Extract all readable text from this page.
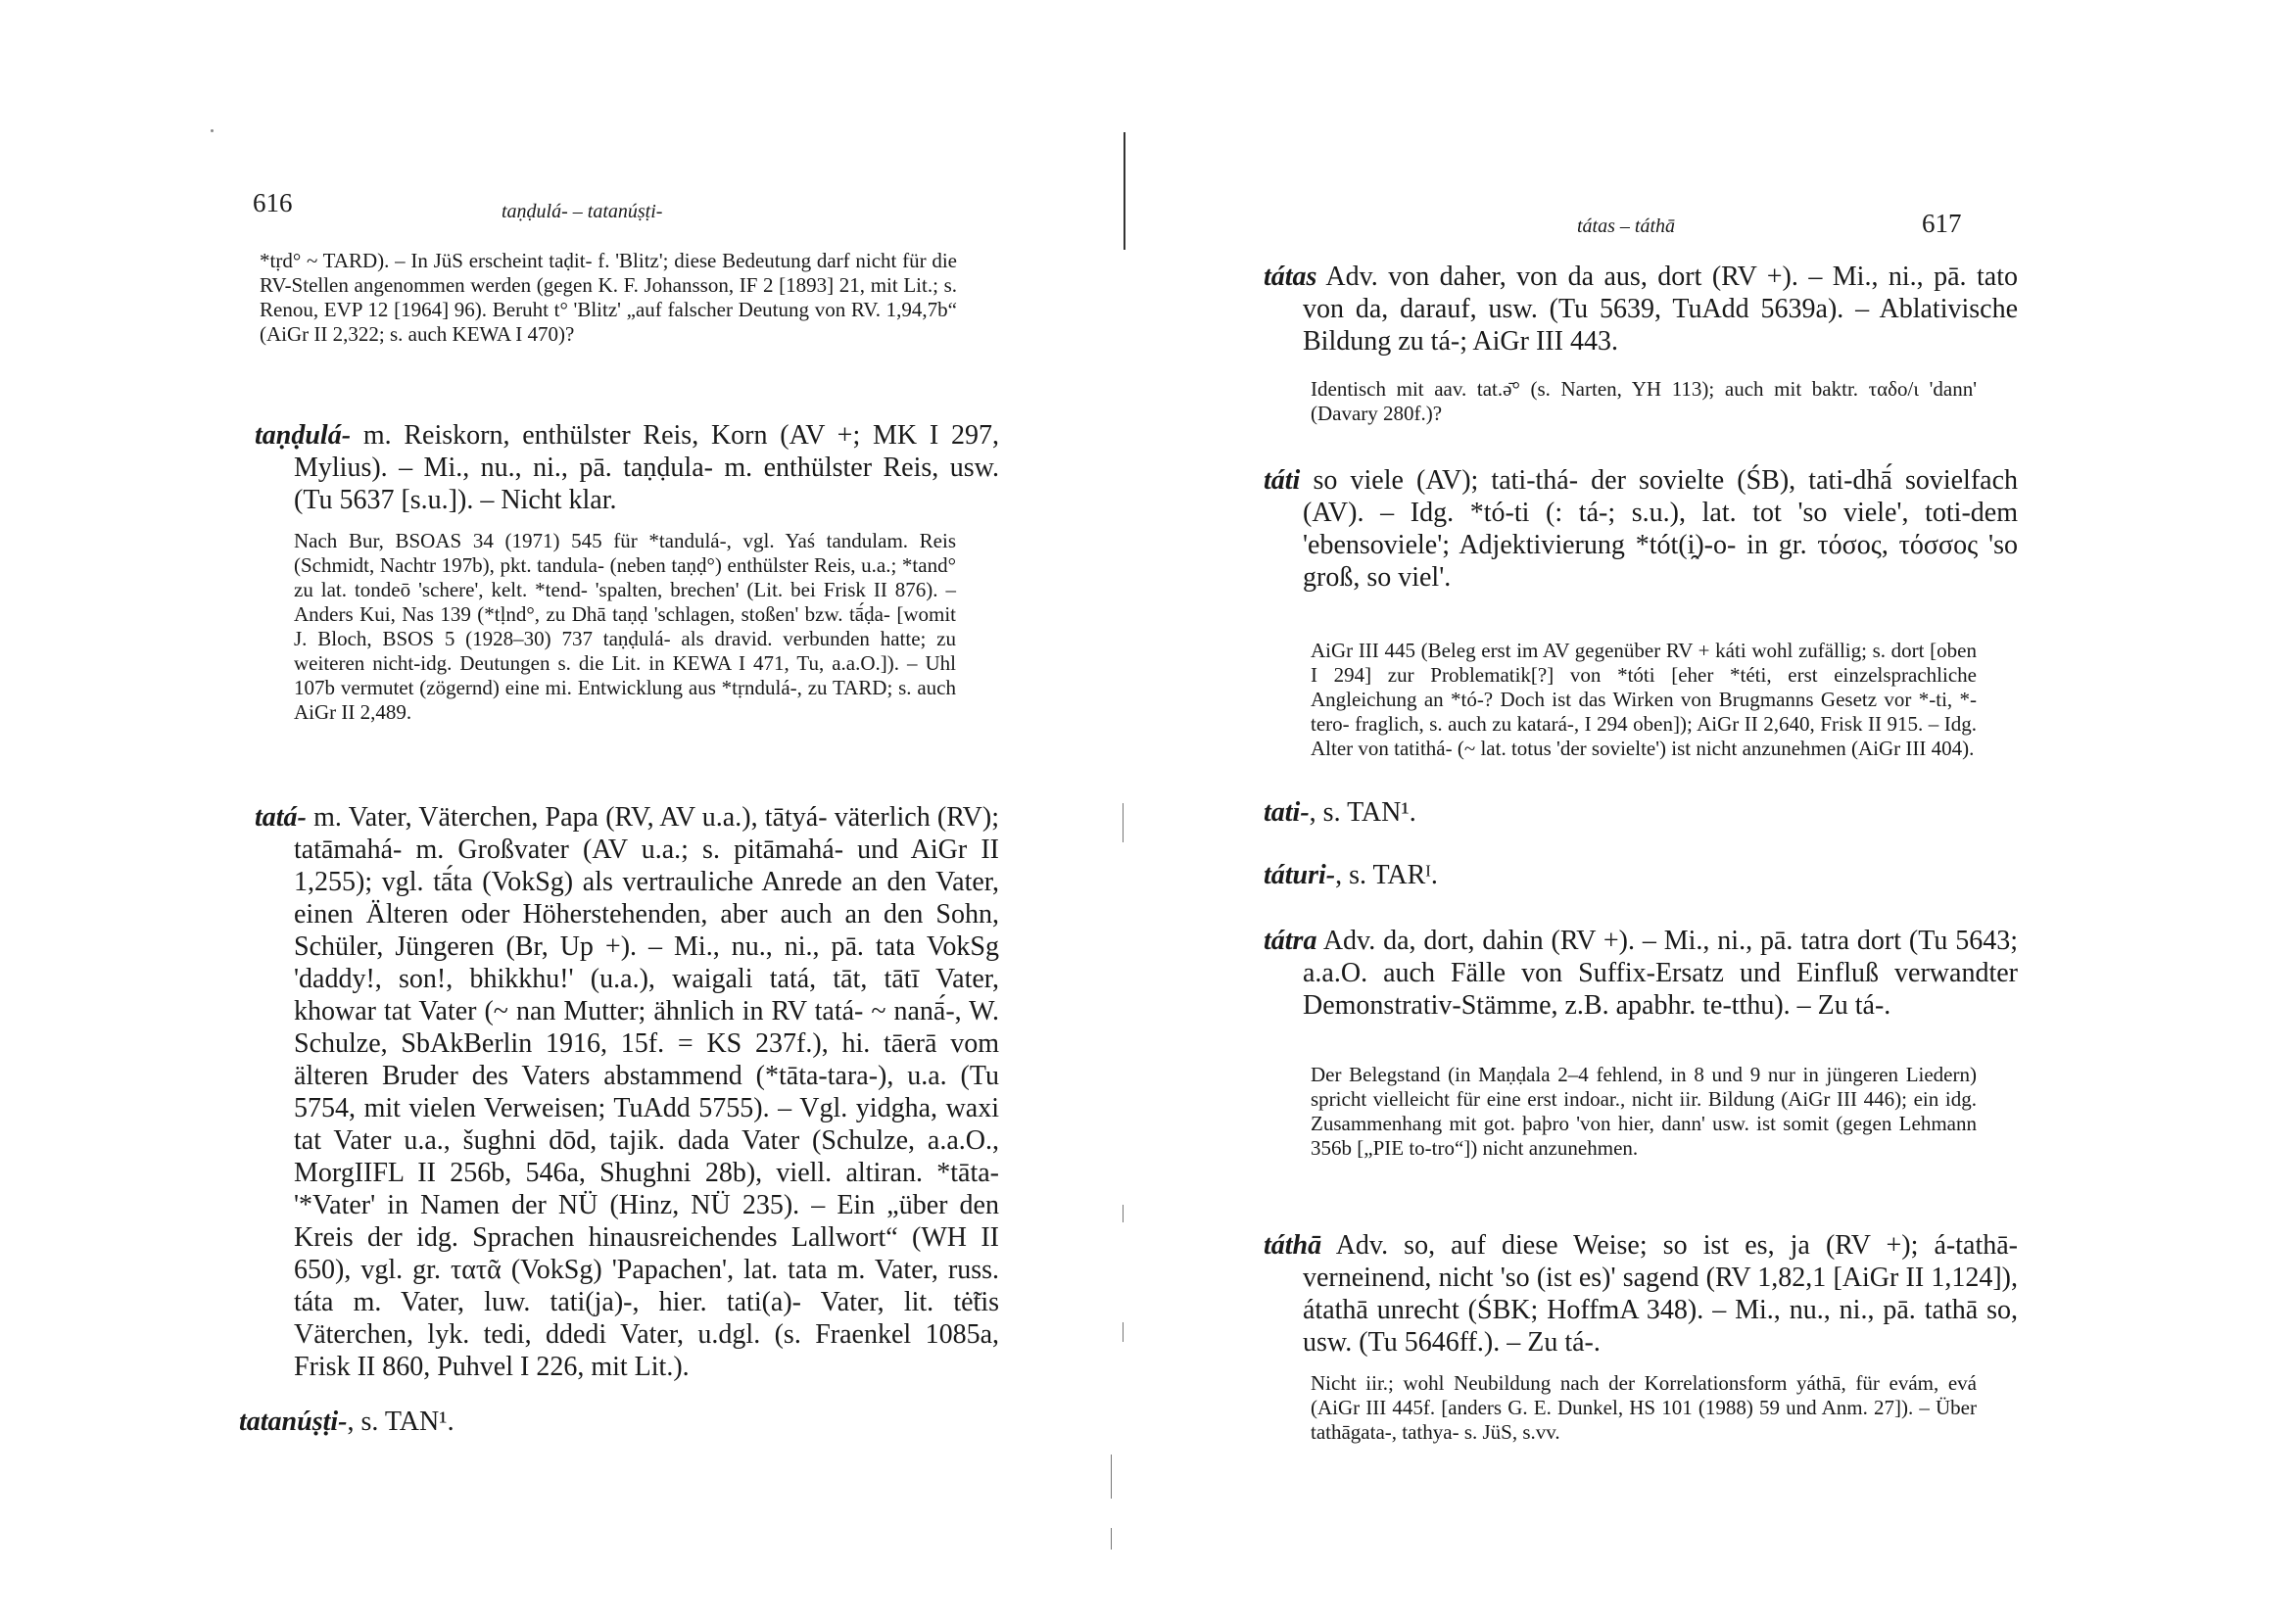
616	taṇḍulá- – tatanúṣṭi-
*tṛd° ~ TARD). – In JüS erscheint taḍit- f. 'Blitz'; diese Bedeutung darf nicht für die RV-Stellen angenommen werden (gegen K. F. Johansson, IF 2 [1893] 21, mit Lit.; s. Renou, EVP 12 [1964] 96). Beruht t° 'Blitz' „auf falscher Deutung von RV. 1,94,7b“ (AiGr II 2,322; s. auch KEWA I 470)?
taṇḍulá- m. Reiskorn, enthülster Reis, Korn (AV +; MK I 297, Mylius). – Mi., nu., ni., pā. taṇḍula- m. enthülster Reis, usw. (Tu 5637 [s.u.]). – Nicht klar.
Nach Bur, BSOAS 34 (1971) 545 für *tandulá-, vgl. Yaś tandulam. Reis (Schmidt, Nachtr 197b), pkt. tandula- (neben taṇḍ°) enthülster Reis, u.a.; *tand° zu lat. tondeō 'schere', kelt. *tend- 'spalten, brechen' (Lit. bei Frisk II 876). – Anders Kui, Nas 139 (*tḷnd°, zu Dhā taṇḍ 'schlagen, stoßen' bzw. tā́ḍa- [womit J. Bloch, BSOS 5 (1928–30) 737 taṇḍulá- als dravid. verbunden hatte; zu weiteren nicht-idg. Deutungen s. die Lit. in KEWA I 471, Tu, a.a.O.]). – Uhl 107b vermutet (zögernd) eine mi. Entwicklung aus *tṛndulá-, zu TARD; s. auch AiGr II 2,489.
tatá- m. Vater, Väterchen, Papa (RV, AV u.a.), tātyá- väterlich (RV); tatāmahá- m. Großvater (AV u.a.; s. pitāmahá- und AiGr II 1,255); vgl. tā́ta (VokSg) als vertrauliche Anrede an den Vater, einen Älteren oder Höherstehenden, aber auch an den Sohn, Schüler, Jüngeren (Br, Up +). – Mi., nu., ni., pā. tata VokSg 'daddy!, son!, bhikkhu!' (u.a.), waigali tatá, tāt, tātī Vater, khowar tat Vater (~ nan Mutter; ähnlich in RV tatá- ~ nanā́-, W. Schulze, SbAkBerlin 1916, 15f. = KS 237f.), hi. tāerā vom älteren Bruder des Vaters abstammend (*tāta-tara-), u.a. (Tu 5754, mit vielen Verweisen; TuAdd 5755). – Vgl. yidgha, waxi tat Vater u.a., šughni dōd, tajik. dada Vater (Schulze, a.a.O., MorgIIFL II 256b, 546a, Shughni 28b), viell. altiran. *tāta- '*Vater' in Namen der NÜ (Hinz, NÜ 235). – Ein „über den Kreis der idg. Sprachen hinausreichendes Lallwort“ (WH II 650), vgl. gr. τατᾶ (VokSg) 'Papachen', lat. tata m. Vater, russ. táta m. Vater, luw. tati(ja)-, hier. tati(a)- Vater, lit. tė̃tis Väterchen, lyk. tedi, ddedi Vater, u.dgl. (s. Fraenkel 1085a, Frisk II 860, Puhvel I 226, mit Lit.).
tatanúṣṭi-, s. TAN¹.
tátas – táthā	617
tátas Adv. von daher, von da aus, dort (RV +). – Mi., ni., pā. tato von da, darauf, usw. (Tu 5639, TuAdd 5639a). – Ablativische Bildung zu tá-; AiGr III 443.
Identisch mit aav. tat.ə̄° (s. Narten, YH 113); auch mit baktr. ταδο/ι 'dann' (Davary 280f.)?
táti so viele (AV); tati-thá- der sovielte (ŚB), tati-dhā́ sovielfach (AV). – Idg. *tó-ti (: tá-; s.u.), lat. tot 'so viele', toti-dem 'ebensoviele'; Adjektivierung *tót(i̯)-o- in gr. τόσος, τόσσος 'so groß, so viel'.
AiGr III 445 (Beleg erst im AV gegenüber RV + káti wohl zufällig; s. dort [oben I 294] zur Problematik[?] von *tóti [eher *téti, erst einzelsprachliche Angleichung an *tó-? Doch ist das Wirken von Brugmanns Gesetz vor *-ti, *-tero- fraglich, s. auch zu katará-, I 294 oben]); AiGr II 2,640, Frisk II 915. – Idg. Alter von tatithá- (~ lat. totus 'der sovielte') ist nicht anzunehmen (AiGr III 404).
tati-, s. TAN¹.
táturi-, s. TARᴵ.
tátra Adv. da, dort, dahin (RV +). – Mi., ni., pā. tatra dort (Tu 5643; a.a.O. auch Fälle von Suffix-Ersatz und Einfluß verwandter Demonstrativ-Stämme, z.B. apabhr. te-tthu). – Zu tá-.
Der Belegstand (in Maṇḍala 2–4 fehlend, in 8 und 9 nur in jüngeren Liedern) spricht vielleicht für eine erst indoar., nicht iir. Bildung (AiGr III 446); ein idg. Zusammenhang mit got. þaþro 'von hier, dann' usw. ist somit (gegen Lehmann 356b [„PIE to-tro“]) nicht anzunehmen.
táthā Adv. so, auf diese Weise; so ist es, ja (RV +); á-tathā- verneinend, nicht 'so (ist es)' sagend (RV 1,82,1 [AiGr II 1,124]), átathā unrecht (ŚBK; HoffmA 348). – Mi., nu., ni., pā. tathā so, usw. (Tu 5646ff.). – Zu tá-.
Nicht iir.; wohl Neubildung nach der Korrelationsform yáthā, für evám, evá (AiGr III 445f. [anders G. E. Dunkel, HS 101 (1988) 59 und Anm. 27]). – Über tathāgata-, tathya- s. JüS, s.vv.
